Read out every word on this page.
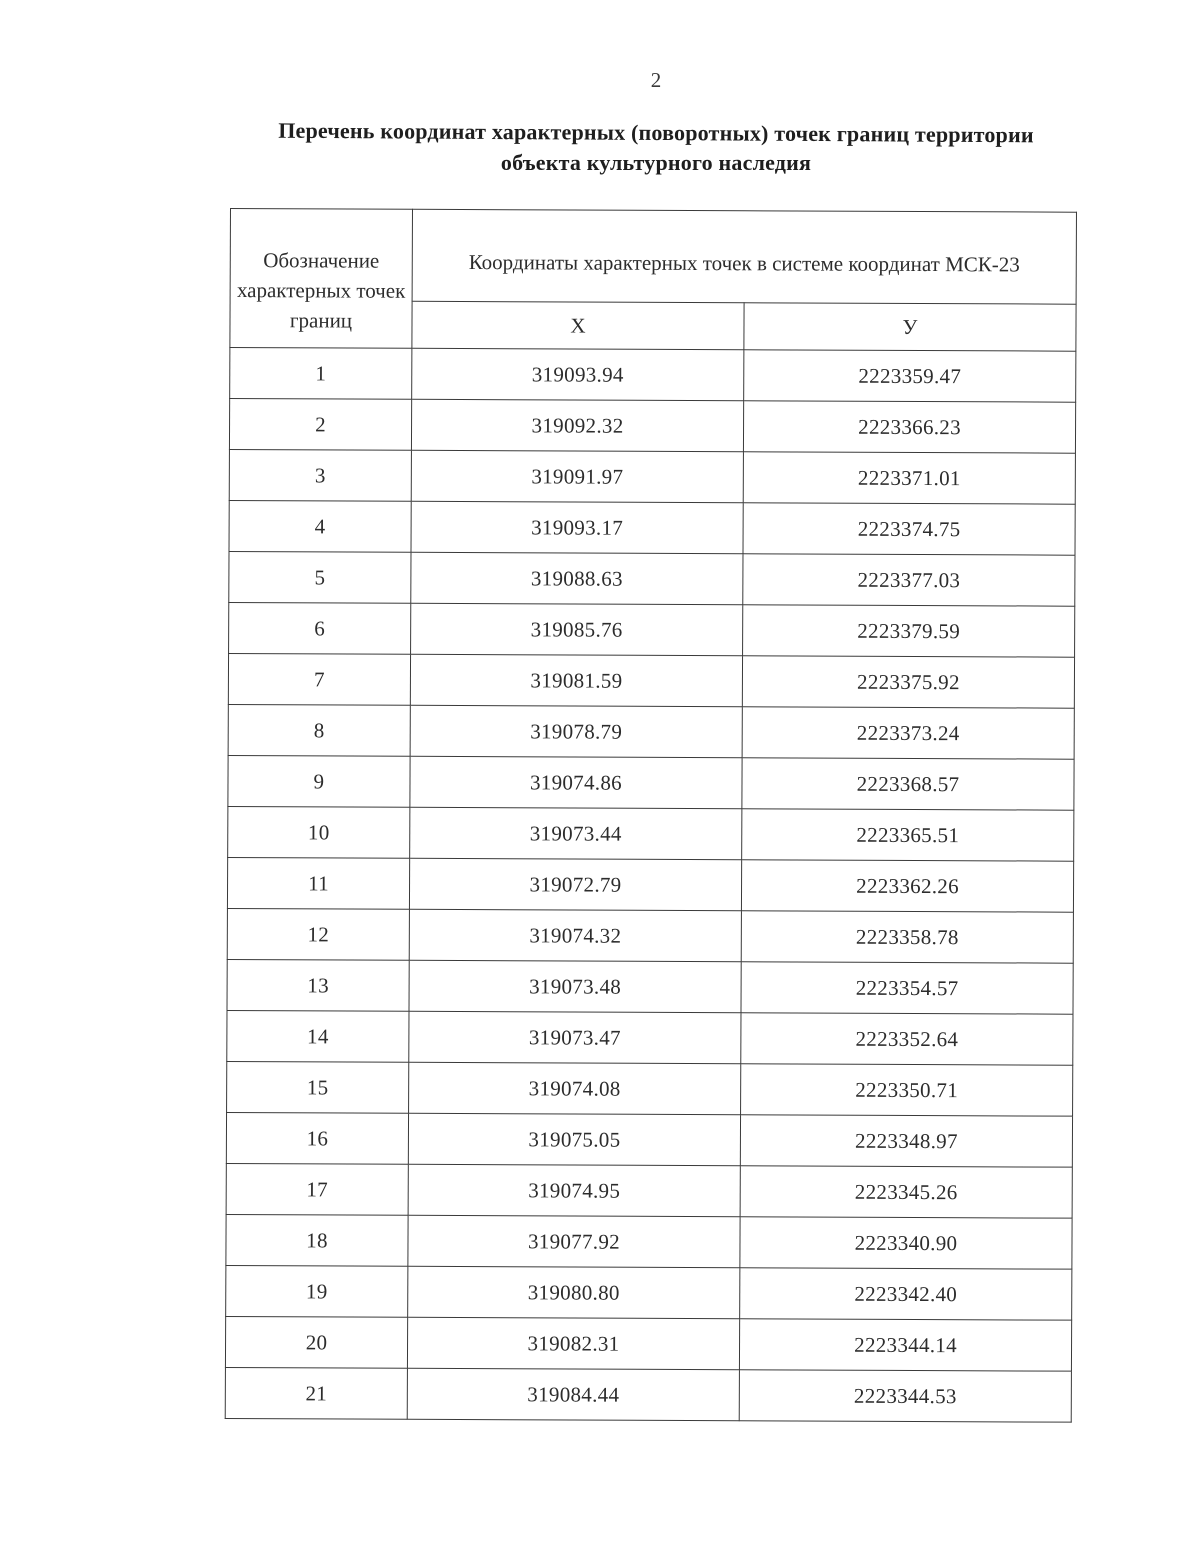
2
Перечень координат характерных (поворотных) точек границ территории
объекта культурного наследия
Обозначение характерных точек границ	Координаты характерных точек в системе координат МСК-23	
	X	У
1	319093.94	2223359.47
2	319092.32	2223366.23
3	319091.97	2223371.01
4	319093.17	2223374.75
5	319088.63	2223377.03
6	319085.76	2223379.59
7	319081.59	2223375.92
8	319078.79	2223373.24
9	319074.86	2223368.57
10	319073.44	2223365.51
11	319072.79	2223362.26
12	319074.32	2223358.78
13	319073.48	2223354.57
14	319073.47	2223352.64
15	319074.08	2223350.71
16	319075.05	2223348.97
17	319074.95	2223345.26
18	319077.92	2223340.90
19	319080.80	2223342.40
20	319082.31	2223344.14
21	319084.44	2223344.53
